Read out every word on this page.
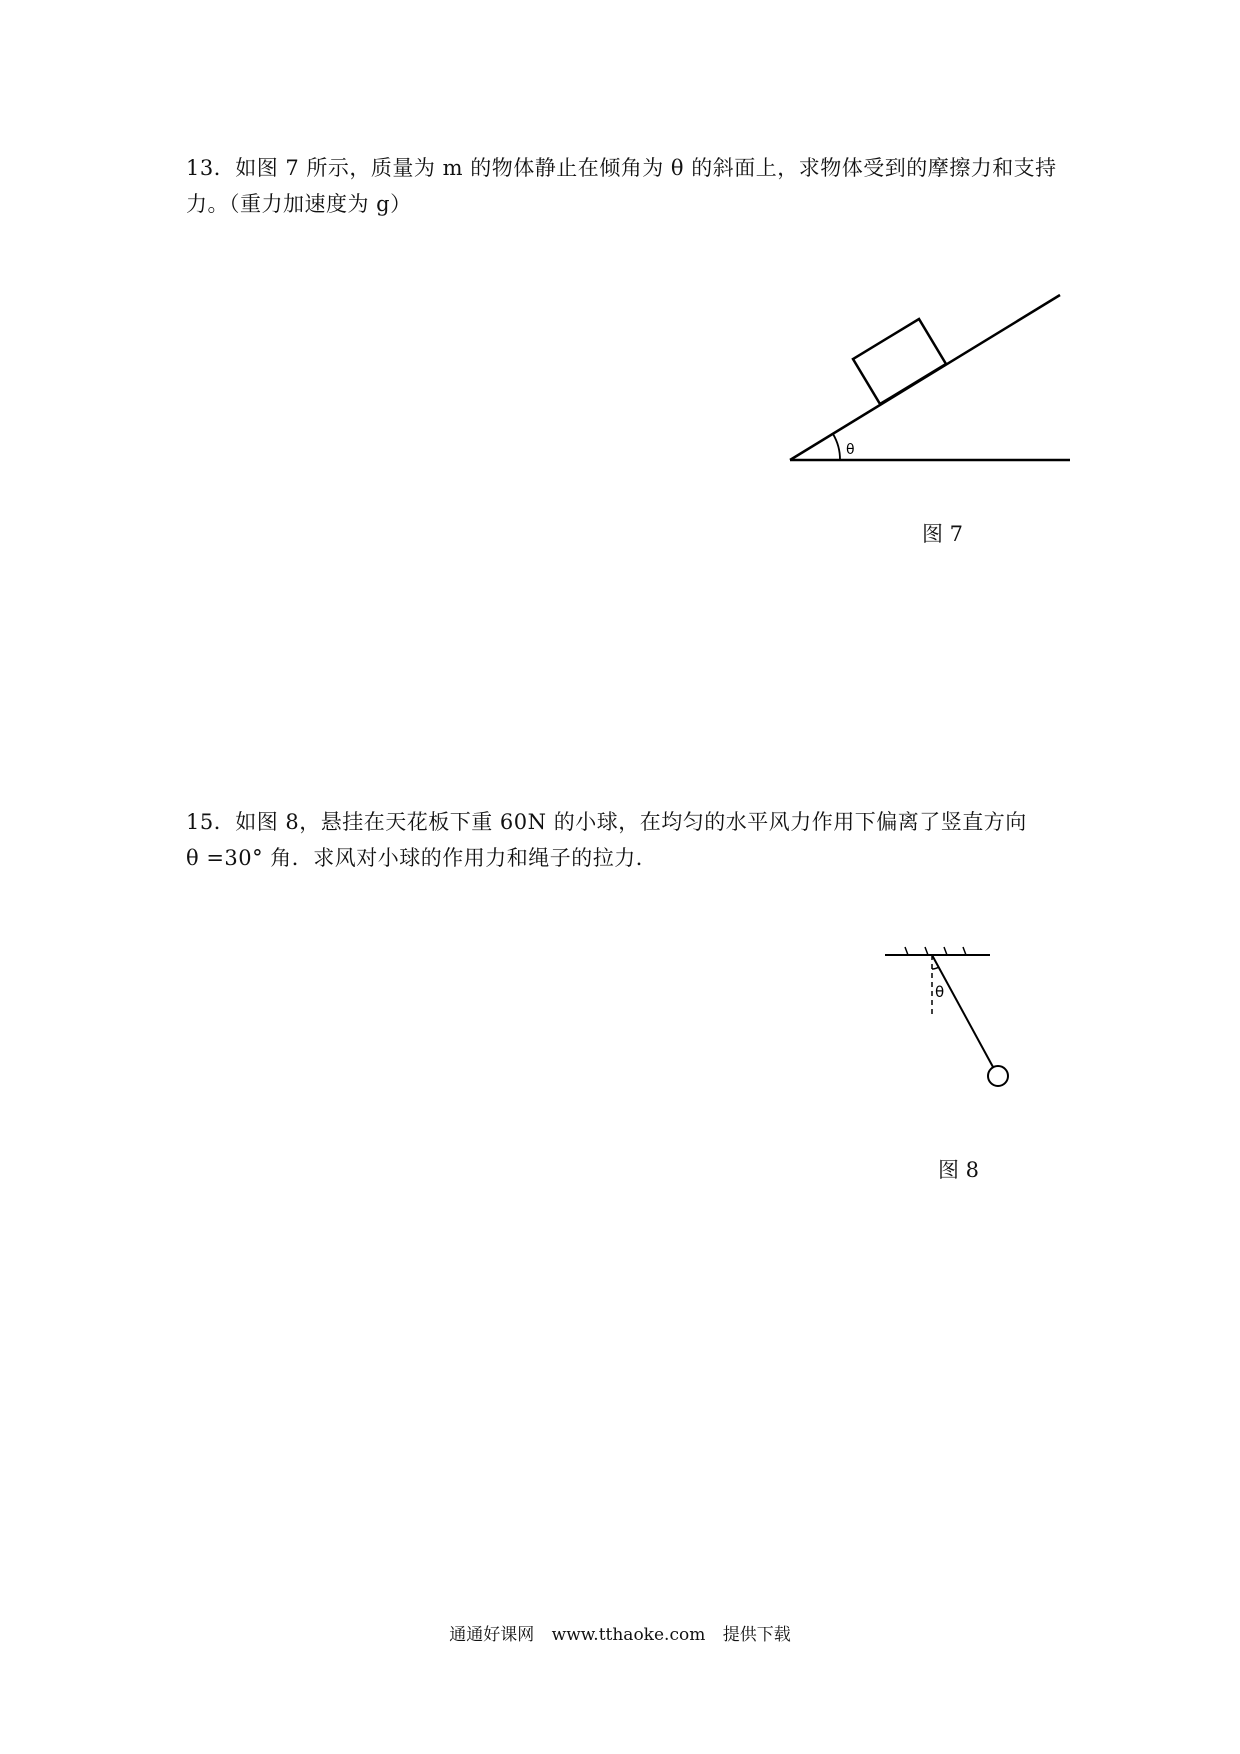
13．如图 7 所示，质量为 m 的物体静止在倾角为 θ 的斜面上，求物体受到的摩擦力和支持
力。（重力加速度为 g）
θ
图 7
15．如图 8，悬挂在天花板下重 60N 的小球，在均匀的水平风力作用下偏离了竖直方向
θ =30° 角．求风对小球的作用力和绳子的拉力．
θ
图 8
通通好课网 www.tthaoke.com 提供下载
